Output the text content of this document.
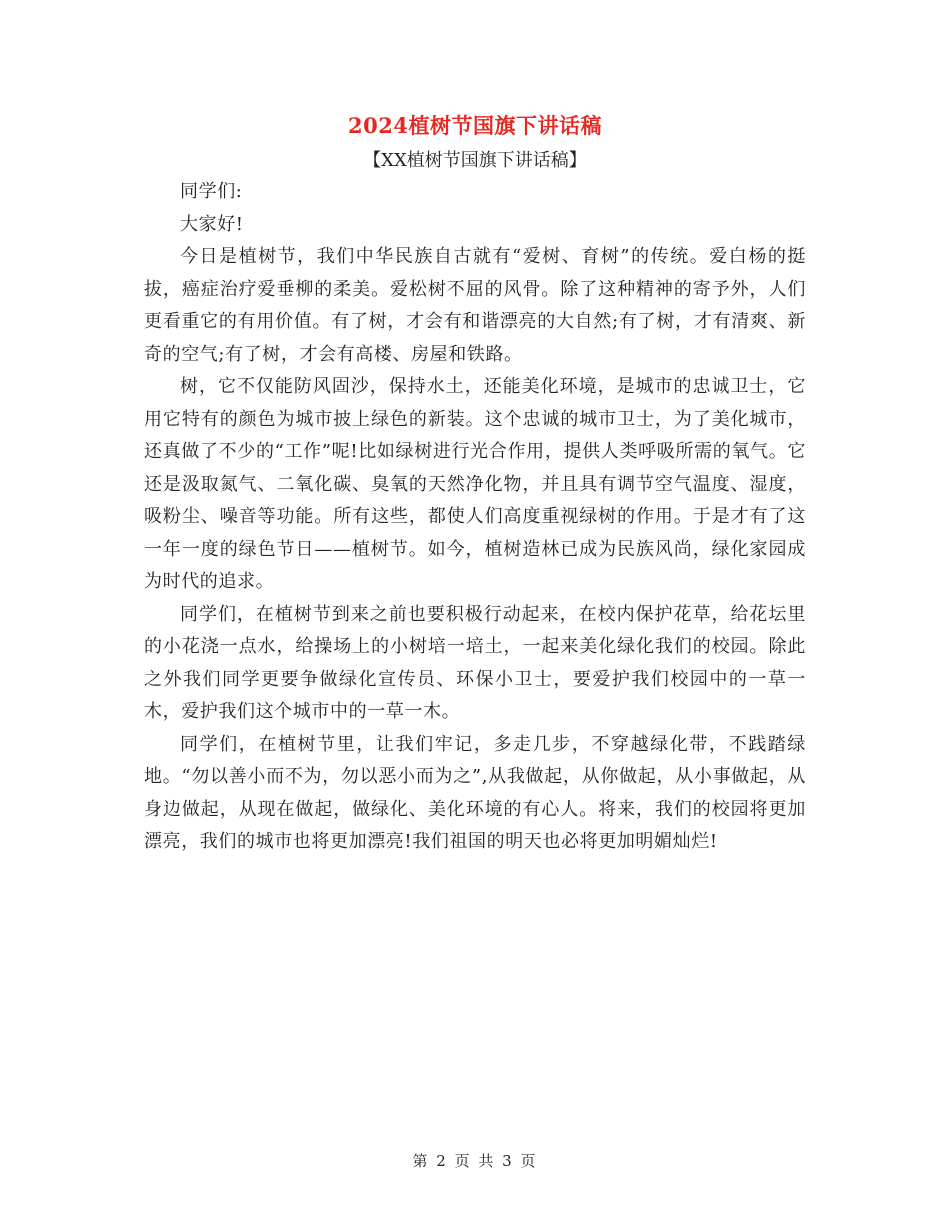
2024植树节国旗下讲话稿
【XX植树节国旗下讲话稿】

同学们:

大家好!

今日是植树节，我们中华民族自古就有“爱树、育树”的传统。爱白杨的挺拔，癌症治疗爱垂柳的柔美。爱松树不屈的风骨。除了这种精神的寄予外，人们更看重它的有用价值。有了树，才会有和谐漂亮的大自然;有了树，才有清爽、新奇的空气;有了树，才会有高楼、房屋和铁路。

树，它不仅能防风固沙，保持水土，还能美化环境，是城市的忠诚卫士，它用它特有的颜色为城市披上绿色的新装。这个忠诚的城市卫士，为了美化城市，还真做了不少的“工作”呢!比如绿树进行光合作用，提供人类呼吸所需的氧气。它还是汲取氮气、二氧化碳、臭氧的天然净化物，并且具有调节空气温度、湿度，吸粉尘、噪音等功能。所有这些，都使人们高度重视绿树的作用。于是才有了这一年一度的绿色节日——植树节。如今，植树造林已成为民族风尚，绿化家园成为时代的追求。

同学们，在植树节到来之前也要积极行动起来，在校内保护花草，给花坛里的小花浇一点水，给操场上的小树培一培土，一起来美化绿化我们的校园。除此之外我们同学更要争做绿化宣传员、环保小卫士，要爱护我们校园中的一草一木，爱护我们这个城市中的一草一木。

同学们，在植树节里，让我们牢记，多走几步，不穿越绿化带，不践踏绿地。“勿以善小而不为，勿以恶小而为之”,从我做起，从你做起，从小事做起，从身边做起，从现在做起，做绿化、美化环境的有心人。将来，我们的校园将更加漂亮，我们的城市也将更加漂亮!我们祖国的明天也必将更加明媚灿烂!

第 2 页 共 3 页
